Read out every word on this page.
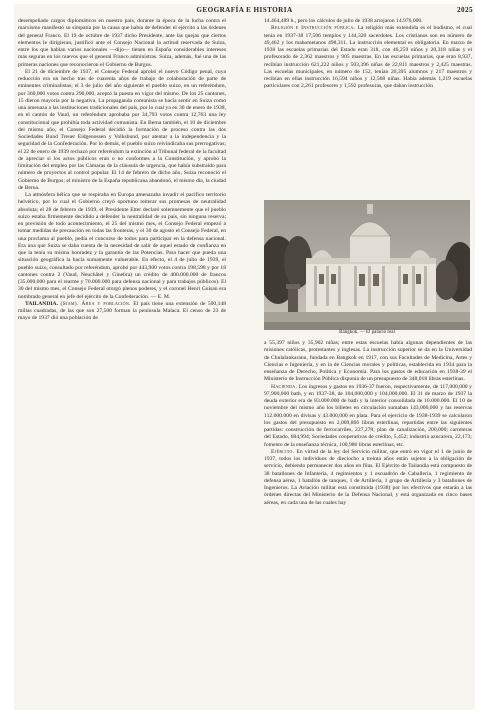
GEOGRAFÍA E HISTORIA	2025

desempeñado cargos diplomáticos en nuestro país, durante la época de la lucha contra el marxismo manifestó su simpatía por la causa que había de defender el ejército a las órdenes del general Franco. El 19 de octubre de 1937 dicho Presidente, ante las quejas que ciertos elementos le dirigieran, justificó ante el Consejo Nacional la actitud reservada de Suiza, entre los que hablan varios nacionales —dijo— tienen en España considerables intereses más seguras en los nuevos que el general Franco administras. Suiza, además, fué una de las primeras naciones que reconocieron el Gobierno de Burgos.

El 21 de diciembre de 1937, el Consejo Federal aprobó el nuevo Código penal, cuya reducción era un hecho tras de cuarenta años de trabajo de colaboración de parte de eminentes criminalistas; el 3 de julio del año siguiente el pueblo suizo, en un referéndum, por 360,000 votos contra 290,000, aceptó la puesta en vigor del mismo. De los 25 cantones, 15 dieron mayoría por la negativa. La propaganda comunista se hacía sentir en Suiza como una amenaza a las instituciones tradicionales del país, por lo cual ya en 30 de enero de 1938, en el cantón de Vaud, un referéndum aprobaba por 34,793 votos contra 12,763 una ley constitucional que prohibía toda actividad comunista. En Berna también, el 10 de diciembre del mismo año, el Consejo Federal decidió la formación de proceso contra las dos Sociedades Bund Treuer Eidgenossen y Volksbund, por atentar a la independencia y la seguridad de la Confederación. Por lo demás, el pueblo suizo reivindicaba sus prerrogativas; el 22 de enero de 1939 rechazó por referéndum la extinción al Tribunal federal de la facultad de apreciar si los actos públicos eran o no conformes a la Constitución, y aprobó la limitación del empleo por las Cámaras de la cláusula de urgencia, que había substraído para número de proyectos al control popular. El 14 de febrero de dicho año, Suiza reconoció el Gobierno de Burgos; el ministro de la España republicana abandonó, el mismo día, la ciudad de Berna.

La atmósfera bélica que se respiraba en Europa amenazaba invadir el pacífico territorio helvético, por lo cual el Gobierno creyó oportuno reiterar sus promesas de neutralidad absoluta; el 28 de febrero de 1939, el Presidente Etter declaró solemnemente que el pueblo suizo estaba firmemente decidido a defender la neutralidad de su país, sin ninguna reserva; en previsión de todo acontecimiento, el 25 del mismo mes, el Consejo Federal empezó a tomar medidas de precaución en todas las fronteras, y el 30 de agosto el Consejo Federal, en una proclama al pueblo, pedía el concurso de todos para participar en la defensa nacional. Era una que Suiza se daba cuenta de la necesidad de salir de aquel estado de confianza en que la tenía su misma honradez y la garantía de las Potencias. Para hacer que pueda una situación geográfica la hacía sumamente vulnerable. En efecto, el 4 de julio de 1939, el pueblo suizo, consultado por referéndum, aprobó por 443,900 votos contra 198,598 y por 18 cantones contra 2 (Vaud, Neuchâtel y Ginebra) un crédito de 400.000.000 de francos (35.000,000 para el rearme y 70.000.000 para defensa nacional y para trabajos públicos). El 30 del mismo mes, el Consejo Federal otorgó plenos poderes, y el coronel Henri Guisan era nombrado general en jefe del ejército de la Confederación. — E. M.

TAILANDIA. (Siam). Área y población. El país tiene una extensión de 500,148 millas cuadradas, de las que son 27,500 forman la península Malaca. El censo de 23 de mayo de 1937 dió una población de

14.464,489 h., pero los cálculos de julio de 1938 arrojaron 14.976,000.

Religión e Instrucción pública. La religión más extendida es el budismo, el cual tenía en 1937-38 17,506 templos y 144,320 sacerdotes. Los cristianos son en número de 49,462 y los mahometanos 498,311. La instrucción elemental es obligatoria. En marzo de 1938 las escuelas primarias del Estado eran 318, con 46,259 niños y 20,318 niñas y el profesorado de 2,362 maestros y 905 maestras. En las escuelas primarias, que eran 8,937, recibían instrucción 621,222 niños y 503,396 niñas de 22,811 maestros y 2,425 maestras. Las escuelas municipales, en número de 152, tenían 20,395 alumnos y 217 maestros y recibían en ellas instrucción 16,594 niños y 12,568 niñas. Había además 1,219 escuelas particulares con 2,261 profesores y 1,592 profesoras, que daban instrucción

Bangkok. — El palacio real

a 55,397 niños y 35,902 niñas; entre estas escuelas había algunas dependientes de las misiones católicas, protestantes y inglesas. La instrucción superior se da en la Universidad de Chulalankaranu, fundada en Bangkok en 1917, con sus Facultades de Medicina, Artes y Ciencias e Ingeniería, y en la de Ciencias morales y políticas, establecida en 1934 para la enseñanza de Derecho, Política y Economía. Para los gastos de educación en 1938-39 el Ministerio de Instrucción Pública disponía de un presupuesto de 348,018 libras esterlinas.

Hacienda. Los ingresos y gastos en 1936-37 fueron, respectivamente, de 117,000,000 y 97,900,000 bath, y en 1937-38, de 104,000,000 y 104,000,000. El 31 de marzo de 1937 la deuda exterior era de 83.000.000 de bath y la interior consolidada de 10.000.000. El 10 de noviembre del mismo año los billetes en circulación sumaban 143,000,000 y las reservas 112.000.000 en divisas y 43.000,000 en plata. Para el ejercicio de 1938-1939 se calcularon los gastos del presupuesto en 2,009,866 libras esterlinas, repartidas entre las siguientes partidas: construcción de ferrocarriles, 227,278; plan de canalización, 200,000; carreteras del Estado, 684,994; Sociedades cooperativas de crédito, 5,452; industria azucarera, 22,173; fomento de la enseñanza técnica, 100,986 libras esterlinas, etc.

Ejército. En virtud de la ley del Servicio militar, que entró en vigor el 1 de junio de 1937, todos los individuos de dieciocho a treinta años están sujetos a la obligación de servicio, debiendo permanecer dos años en filas. El Ejército de Tailandia está compuesto de 38 batallones de Infantería, 4 regimientos y 1 escuadrón de Caballería, 1 regimiento de defensa aérea, 1 batallón de tanques, 1 de Artillería, 1 grupo de Artillería y 3 batallones de Ingenieros. La Aviación militar está constituida (1938) por los efectivos que estarán a las órdenes directas del Ministerio de la Defensa Nacional, y está organizada en cinco bases aéreas, en cada una de las cuales hay
